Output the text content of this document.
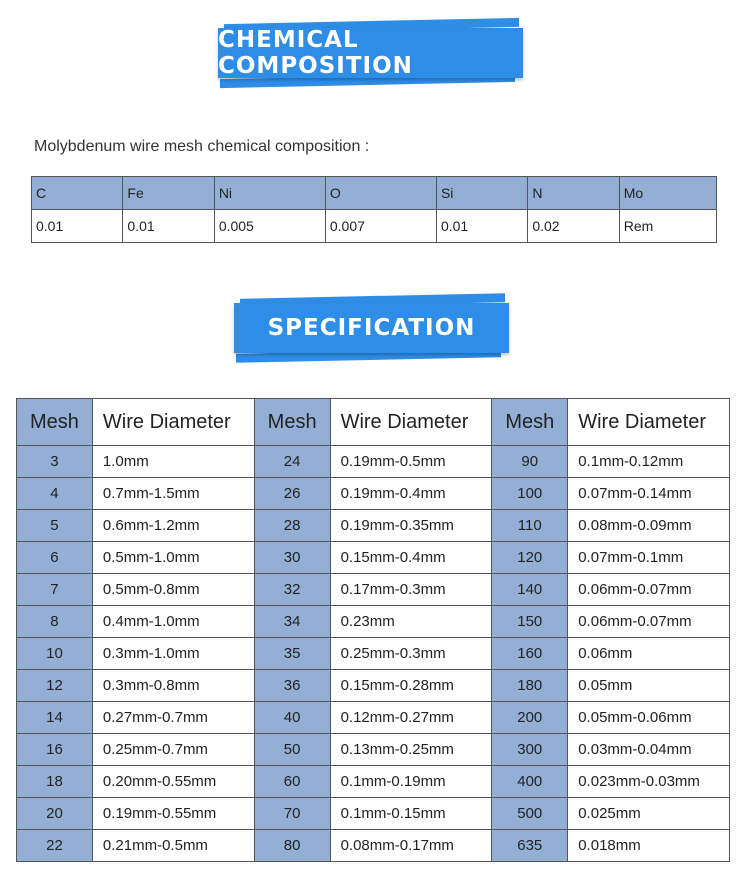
CHEMICAL COMPOSITION
Molybdenum wire mesh chemical composition :
C	Fe	Ni	O	Si	N	Mo
0.01	0.01	0.005	0.007	0.01	0.02	Rem
SPECIFICATION
Mesh	Wire Diameter	Mesh	Wire Diameter	Mesh	Wire Diameter
3	1.0mm	24	0.19mm-0.5mm	90	0.1mm-0.12mm
4	0.7mm-1.5mm	26	0.19mm-0.4mm	100	0.07mm-0.14mm
5	0.6mm-1.2mm	28	0.19mm-0.35mm	110	0.08mm-0.09mm
6	0.5mm-1.0mm	30	0.15mm-0.4mm	120	0.07mm-0.1mm
7	0.5mm-0.8mm	32	0.17mm-0.3mm	140	0.06mm-0.07mm
8	0.4mm-1.0mm	34	0.23mm	150	0.06mm-0.07mm
10	0.3mm-1.0mm	35	0.25mm-0.3mm	160	0.06mm
12	0.3mm-0.8mm	36	0.15mm-0.28mm	180	0.05mm
14	0.27mm-0.7mm	40	0.12mm-0.27mm	200	0.05mm-0.06mm
16	0.25mm-0.7mm	50	0.13mm-0.25mm	300	0.03mm-0.04mm
18	0.20mm-0.55mm	60	0.1mm-0.19mm	400	0.023mm-0.03mm
20	0.19mm-0.55mm	70	0.1mm-0.15mm	500	0.025mm
22	0.21mm-0.5mm	80	0.08mm-0.17mm	635	0.018mm
